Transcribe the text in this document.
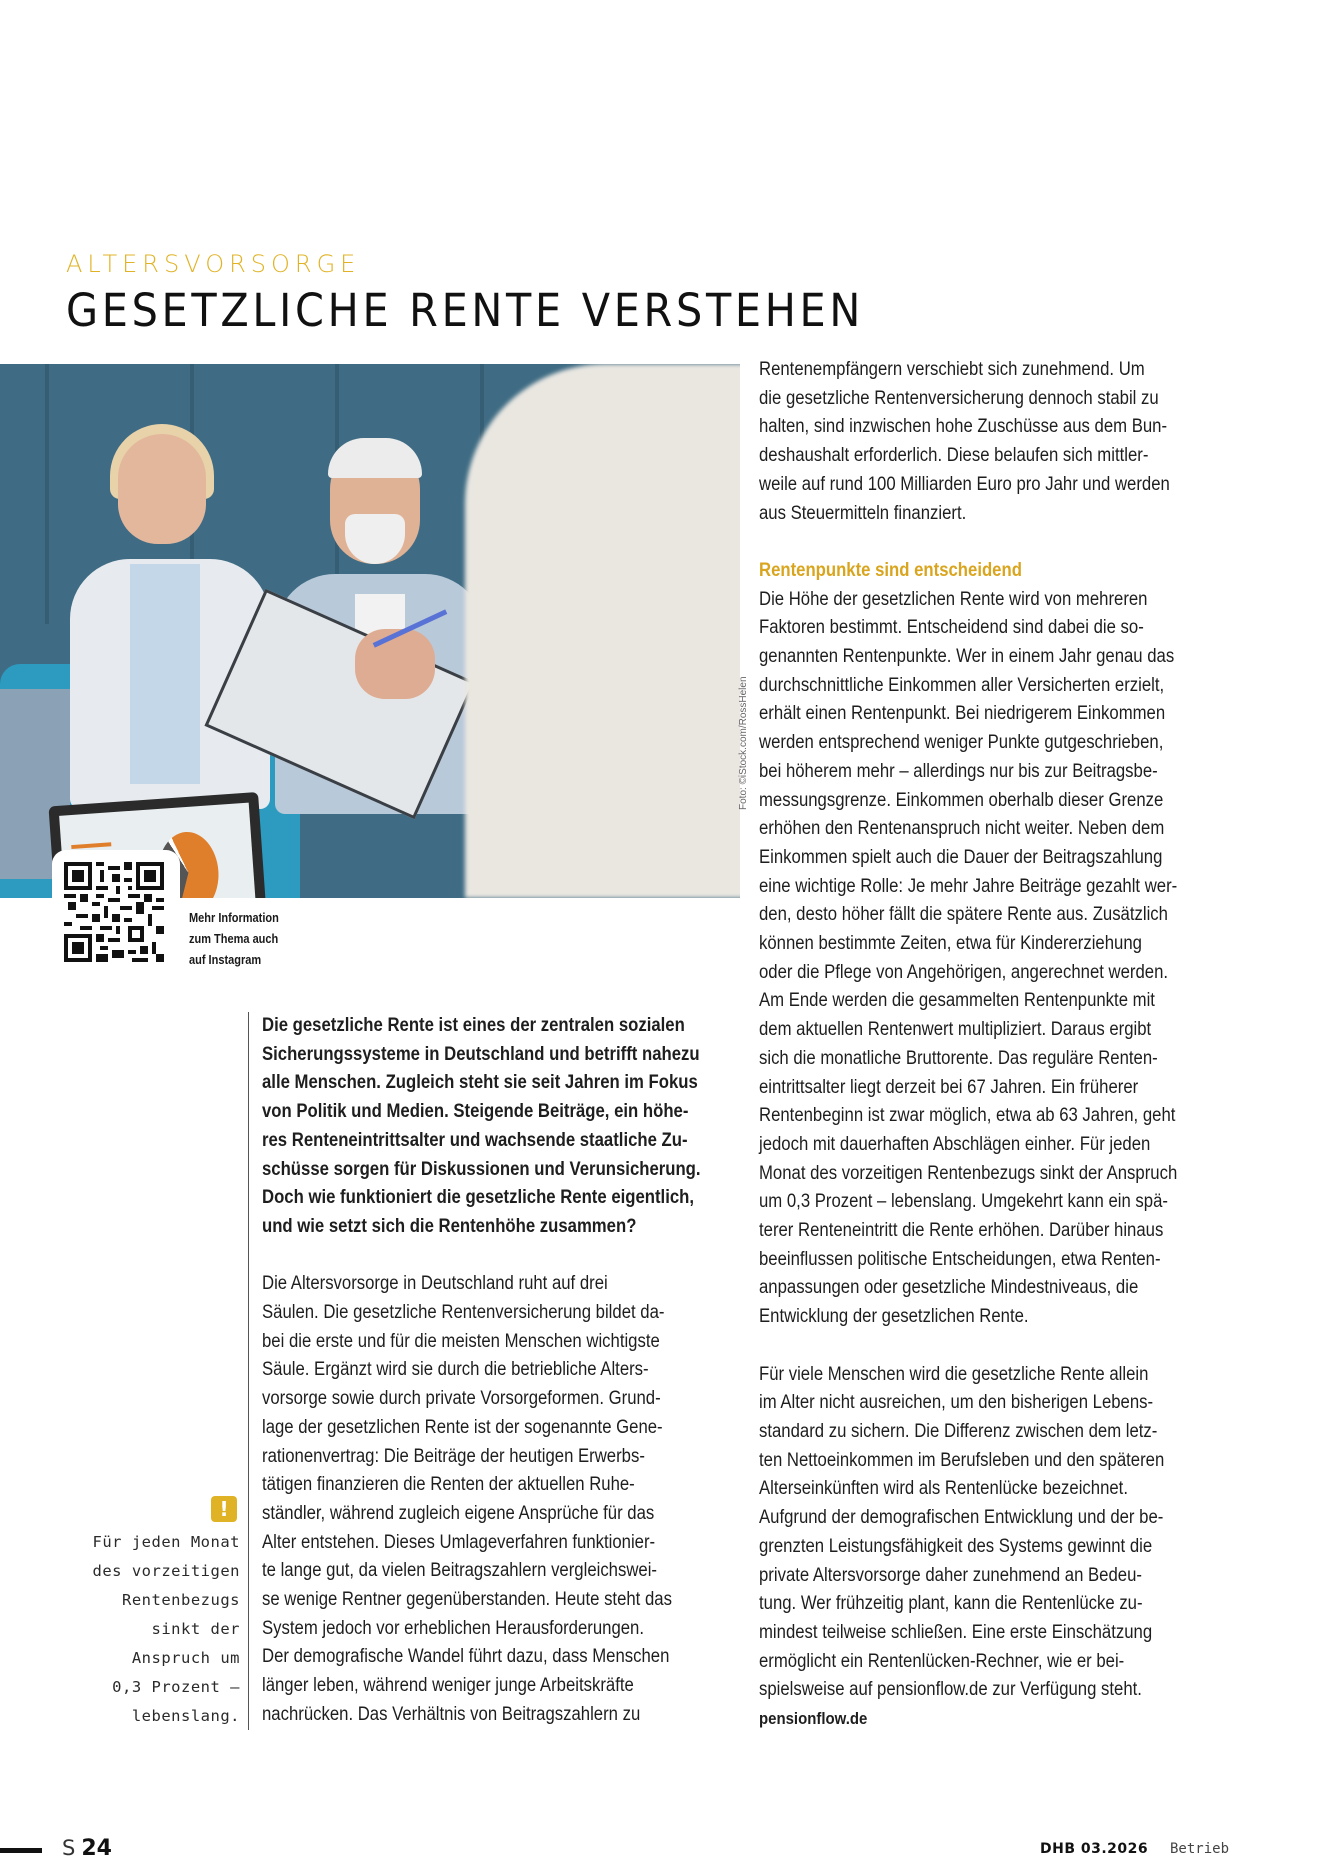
ALTERSVORSORGE
GESETZLICHE RENTE VERSTEHEN
Foto: ©iStock.com/RossHelen
Mehr Information
zum Thema auch
auf Instagram

Die gesetzliche Rente ist eines der zentralen sozialen

Sicherungssysteme in Deutschland und betrifft nahezu

alle Menschen. Zugleich steht sie seit Jahren im Fokus

von Politik und Medien. Steigende Beiträge, ein höhe-

res Renteneintrittsalter und wachsende staatliche Zu-

schüsse sorgen für Diskussionen und Verunsicherung.

Doch wie funktioniert die gesetzliche Rente eigentlich,

und wie setzt sich die Rentenhöhe zusammen?

Die Altersvorsorge in Deutschland ruht auf drei

Säulen. Die gesetzliche Rentenversicherung bildet da-

bei die erste und für die meisten Menschen wichtigste

Säule. Ergänzt wird sie durch die betriebliche Alters-

vorsorge sowie durch private Vorsorgeformen. Grund-

lage der gesetzlichen Rente ist der sogenannte Gene-

rationenvertrag: Die Beiträge der heutigen Erwerbs-

tätigen finanzieren die Renten der aktuellen Ruhe-

ständler, während zugleich eigene Ansprüche für das

Alter entstehen. Dieses Umlageverfahren funktionier-

te lange gut, da vielen Beitragszahlern vergleichswei-

se wenige Rentner gegenüberstanden. Heute steht das

System jedoch vor erheblichen Herausforderungen.

Der demografische Wandel führt dazu, dass Menschen

länger leben, während weniger junge Arbeitskräfte

nachrücken. Das Verhältnis von Beitragszahlern zu

Rentenempfängern verschiebt sich zunehmend. Um

die gesetzliche Rentenversicherung dennoch stabil zu

halten, sind inzwischen hohe Zuschüsse aus dem Bun-

deshaushalt erforderlich. Diese belaufen sich mittler-

weile auf rund 100 Milliarden Euro pro Jahr und werden

aus Steuermitteln finanziert.

Rentenpunkte sind entscheidend

Die Höhe der gesetzlichen Rente wird von mehreren

Faktoren bestimmt. Entscheidend sind dabei die so-

genannten Rentenpunkte. Wer in einem Jahr genau das

durchschnittliche Einkommen aller Versicherten erzielt,

erhält einen Rentenpunkt. Bei niedrigerem Einkommen

werden entsprechend weniger Punkte gutgeschrieben,

bei höherem mehr – allerdings nur bis zur Beitragsbe-

messungsgrenze. Einkommen oberhalb dieser Grenze

erhöhen den Rentenanspruch nicht weiter. Neben dem

Einkommen spielt auch die Dauer der Beitragszahlung

eine wichtige Rolle: Je mehr Jahre Beiträge gezahlt wer-

den, desto höher fällt die spätere Rente aus. Zusätzlich

können bestimmte Zeiten, etwa für Kindererziehung

oder die Pflege von Angehörigen, angerechnet werden.

Am Ende werden die gesammelten Rentenpunkte mit

dem aktuellen Rentenwert multipliziert. Daraus ergibt

sich die monatliche Bruttorente. Das reguläre Renten-

eintrittsalter liegt derzeit bei 67 Jahren. Ein früherer

Rentenbeginn ist zwar möglich, etwa ab 63 Jahren, geht

jedoch mit dauerhaften Abschlägen einher. Für jeden

Monat des vorzeitigen Rentenbezugs sinkt der Anspruch

um 0,3 Prozent – lebenslang. Umgekehrt kann ein spä-

terer Renteneintritt die Rente erhöhen. Darüber hinaus

beeinflussen politische Entscheidungen, etwa Renten-

anpassungen oder gesetzliche Mindestniveaus, die

Entwicklung der gesetzlichen Rente.

Für viele Menschen wird die gesetzliche Rente allein

im Alter nicht ausreichen, um den bisherigen Lebens-

standard zu sichern. Die Differenz zwischen dem letz-

ten Nettoeinkommen im Berufsleben und den späteren

Alterseinkünften wird als Rentenlücke bezeichnet.

Aufgrund der demografischen Entwicklung und der be-

grenzten Leistungsfähigkeit des Systems gewinnt die

private Altersvorsorge daher zunehmend an Bedeu-

tung. Wer frühzeitig plant, kann die Rentenlücke zu-

mindest teilweise schließen. Eine erste Einschätzung

ermöglicht ein Rentenlücken-Rechner, wie er bei-

spielsweise auf pensionflow.de zur Verfügung steht.

pensionflow.de

!
Für jeden Monat
des vorzeitigen
Rentenbezugs
sinkt der
Anspruch um
0,3 Prozent –
lebenslang.
S 24	DHB 03.2026 Betrieb
